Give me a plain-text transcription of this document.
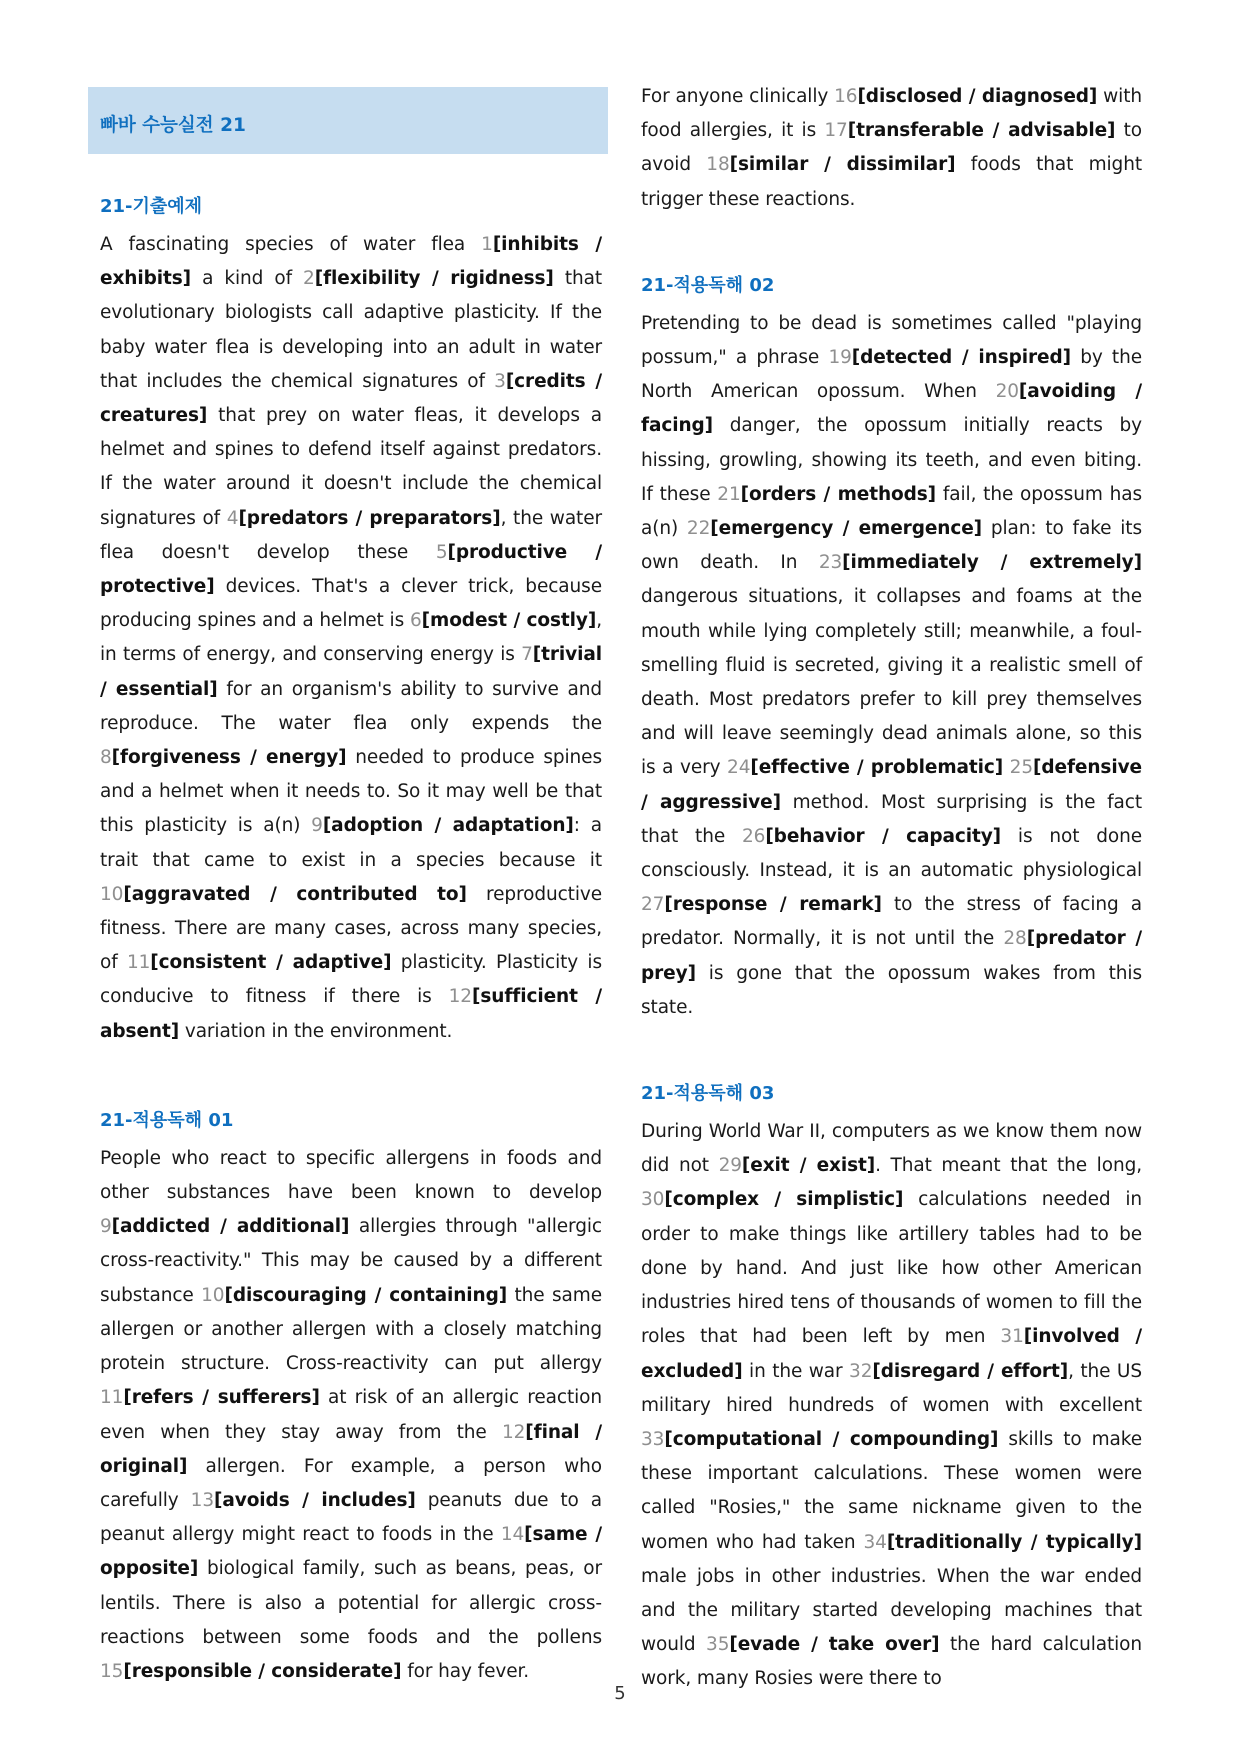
빠바 수능실전 21
21-기출예제

A fascinating species of water flea 1[inhibits / exhibits] a kind of 2[flexibility / rigidness] that evolutionary biologists call adaptive plasticity. If the baby water flea is developing into an adult in water that includes the chemical signatures of 3[credits / creatures] that prey on water fleas, it develops a helmet and spines to defend itself against predators. If the water around it doesn't include the chemical signatures of 4[predators / preparators], the water flea doesn't develop these 5[productive / protective] devices. That's a clever trick, because producing spines and a helmet is 6[modest / costly], in terms of energy, and conserving energy is 7[trivial / essential] for an organism's ability to survive and reproduce. The water flea only expends the 8[forgiveness / energy] needed to produce spines and a helmet when it needs to. So it may well be that this plasticity is a(n) 9[adoption / adaptation]: a trait that came to exist in a species because it 10[aggravated / contributed to] reproductive fitness. There are many cases, across many species, of 11[consistent / adaptive] plasticity. Plasticity is conducive to fitness if there is 12[sufficient / absent] variation in the environment.

21-적용독해 01

People who react to specific allergens in foods and other substances have been known to develop 9[addicted / additional] allergies through "allergic cross-reactivity." This may be caused by a different substance 10[discouraging / containing] the same allergen or another allergen with a closely matching protein structure. Cross-reactivity can put allergy 11[refers / sufferers] at risk of an allergic reaction even when they stay away from the 12[final / original] allergen. For example, a person who carefully 13[avoids / includes] peanuts due to a peanut allergy might react to foods in the 14[same / opposite] biological family, such as beans, peas, or lentils. There is also a potential for allergic cross-reactions between some foods and the pollens 15[responsible / considerate] for hay fever.

For anyone clinically 16[disclosed / diagnosed] with food allergies, it is 17[transferable / advisable] to avoid 18[similar / dissimilar] foods that might trigger these reactions.

21-적용독해 02

Pretending to be dead is sometimes called "playing possum," a phrase 19[detected / inspired] by the North American opossum. When 20[avoiding / facing] danger, the opossum initially reacts by hissing, growling, showing its teeth, and even biting. If these 21[orders / methods] fail, the opossum has a(n) 22[emergency / emergence] plan: to fake its own death. In 23[immediately / extremely] dangerous situations, it collapses and foams at the mouth while lying completely still; meanwhile, a foul-smelling fluid is secreted, giving it a realistic smell of death. Most predators prefer to kill prey themselves and will leave seemingly dead animals alone, so this is a very 24[effective / problematic] 25[defensive / aggressive] method. Most surprising is the fact that the 26[behavior / capacity] is not done consciously. Instead, it is an automatic physiological 27[response / remark] to the stress of facing a predator. Normally, it is not until the 28[predator / prey] is gone that the opossum wakes from this state.

21-적용독해 03

During World War II, computers as we know them now did not 29[exit / exist]. That meant that the long, 30[complex / simplistic] calculations needed in order to make things like artillery tables had to be done by hand. And just like how other American industries hired tens of thousands of women to fill the roles that had been left by men 31[involved / excluded] in the war 32[disregard / effort], the US military hired hundreds of women with excellent 33[computational / compounding] skills to make these important calculations. These women were called "Rosies," the same nickname given to the women who had taken 34[traditionally / typically] male jobs in other industries. When the war ended and the military started developing machines that would 35[evade / take over] the hard calculation work, many Rosies were there to

5
